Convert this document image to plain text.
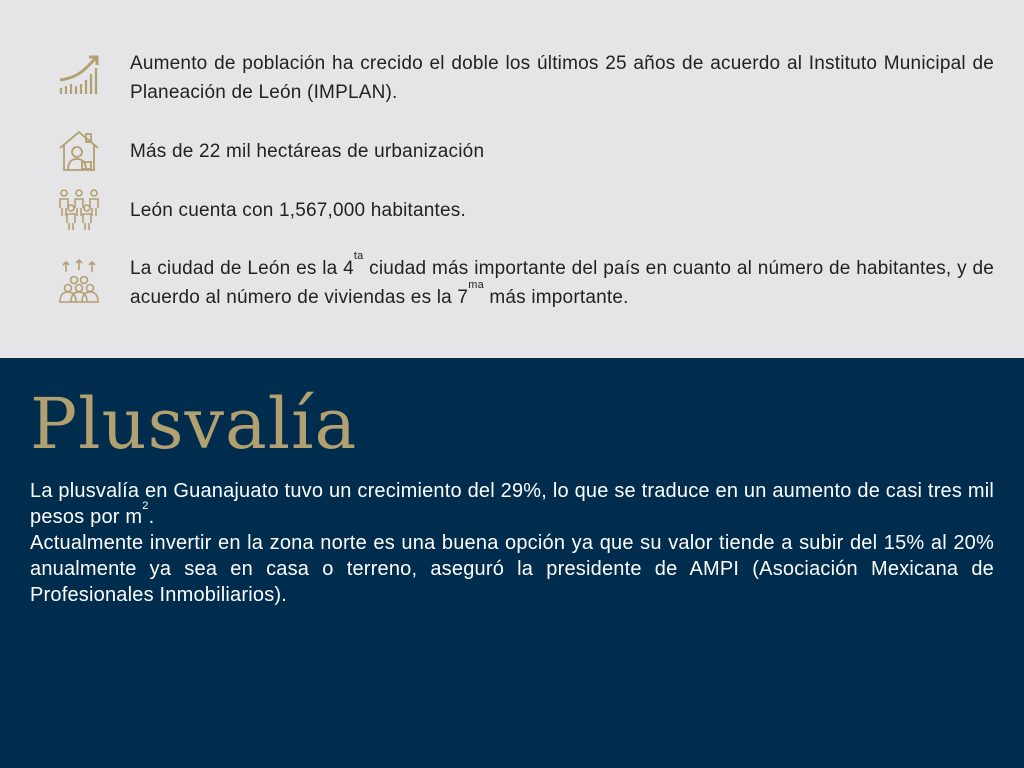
Aumento de población ha crecido el doble los últimos 25 años de acuerdo al Instituto Municipal de Planeación de León (IMPLAN).
Más de 22 mil hectáreas de urbanización
León cuenta con 1,567,000 habitantes.
La ciudad de León es la $4^{ta}$ ciudad más importante del país en cuanto al número de habitantes, y de acuerdo al número de viviendas es la $7^{ma}$ más importante.
Plusvalía
La plusvalía en Guanajuato tuvo un crecimiento del 29%, lo que se traduce en un aumento de casi tres mil pesos por $m^2$.
Actualmente invertir en la zona norte es una buena opción ya que su valor tiende a subir del 15% al 20% anualmente ya sea en casa o terreno, aseguró la presidente de AMPI (Asociación Mexicana de Profesionales Inmobiliarios).
